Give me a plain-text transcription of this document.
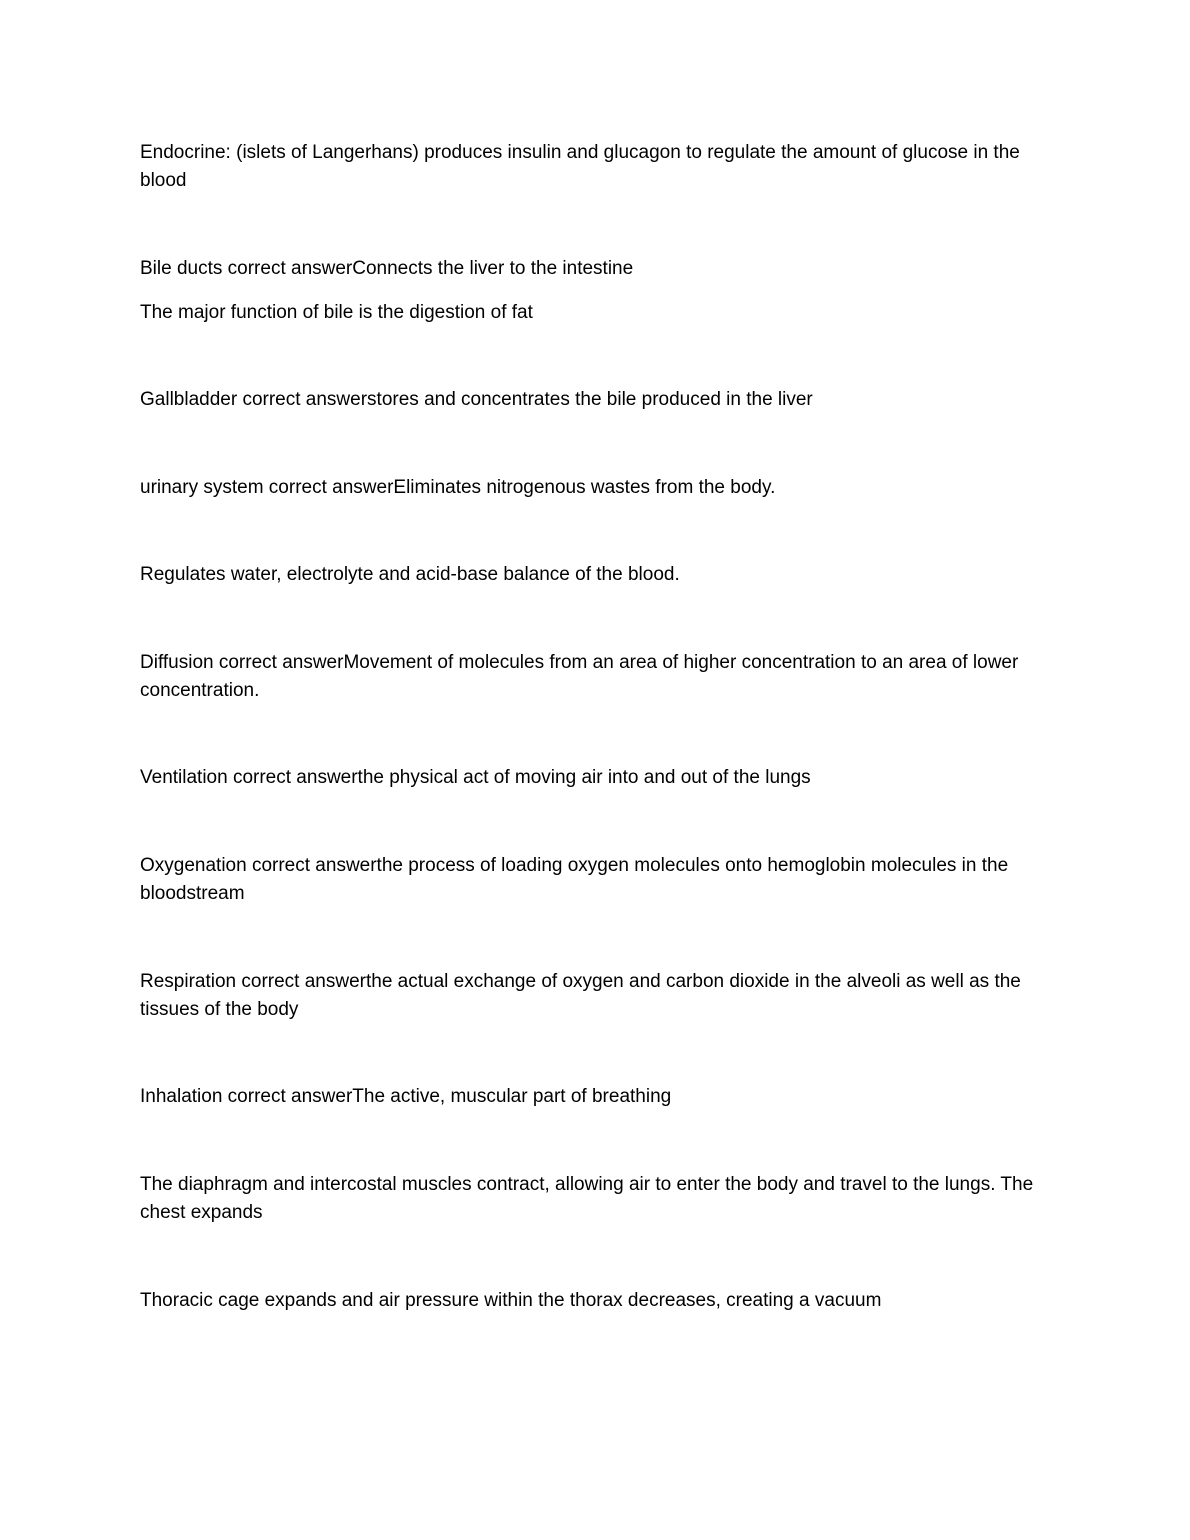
Endocrine: (islets of Langerhans) produces insulin and glucagon to regulate the amount of glucose in the blood

Bile ducts correct answerConnects the liver to the intestine

The major function of bile is the digestion of fat

Gallbladder correct answerstores and concentrates the bile produced in the liver

urinary system correct answerEliminates nitrogenous wastes from the body.

Regulates water, electrolyte and acid-base balance of the blood.

Diffusion correct answerMovement of molecules from an area of higher concentration to an area of lower concentration.

Ventilation correct answerthe physical act of moving air into and out of the lungs

Oxygenation correct answerthe process of loading oxygen molecules onto hemoglobin molecules in the bloodstream

Respiration correct answerthe actual exchange of oxygen and carbon dioxide in the alveoli as well as the tissues of the body

Inhalation correct answerThe active, muscular part of breathing

The diaphragm and intercostal muscles contract, allowing air to enter the body and travel to the lungs. The chest expands

Thoracic cage expands and air pressure within the thorax decreases, creating a vacuum
